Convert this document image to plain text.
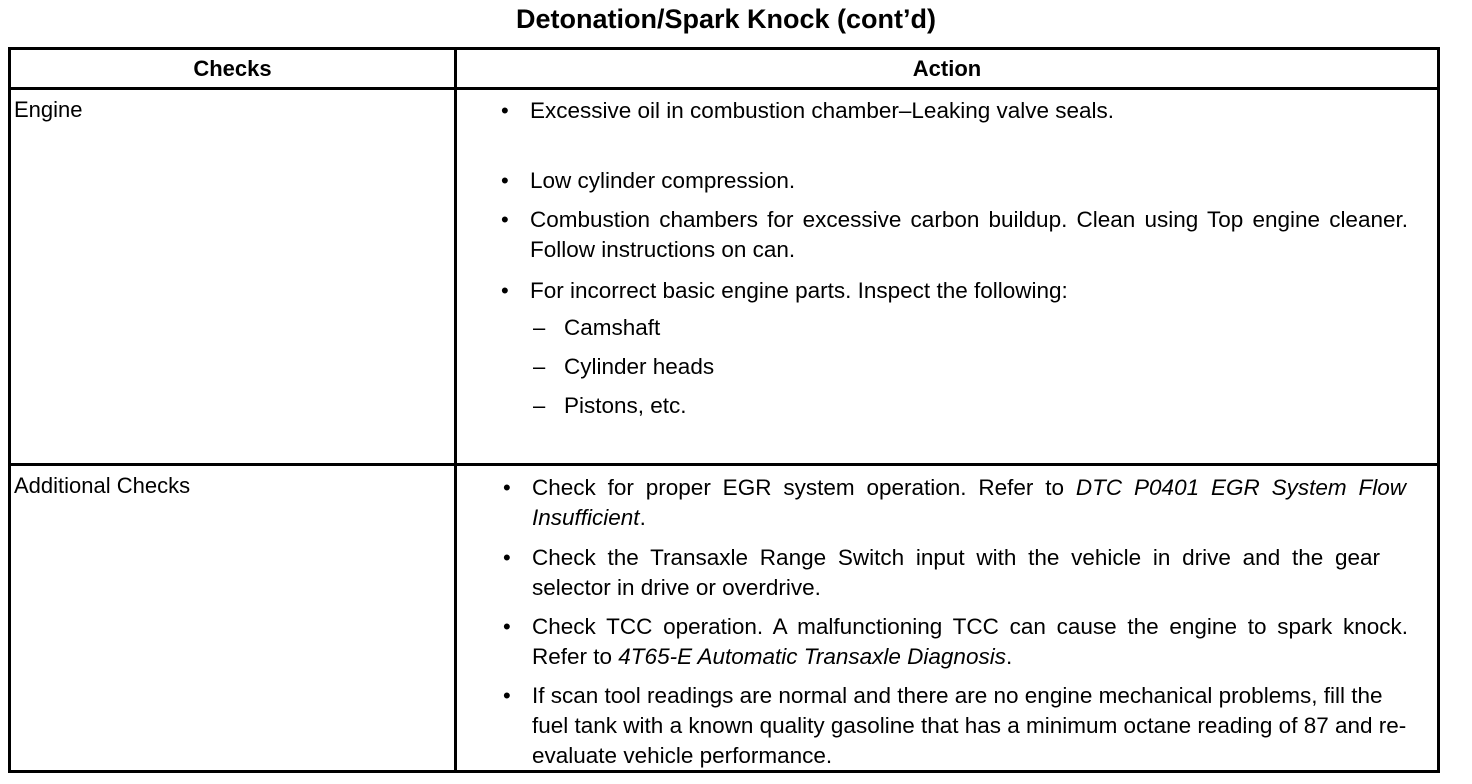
Detonation/Spark Knock (cont’d)
Checks	Action
Engine	• Excessive oil in combustion chamber–Leaking valve seals.
• Low cylinder compression.
• Combustion chambers for excessive carbon buildup. Clean using Top engine cleaner. Follow instructions on can.
• For incorrect basic engine parts. Inspect the following:
– Camshaft
– Cylinder heads
– Pistons, etc.
Additional Checks	• Check for proper EGR system operation. Refer to DTC P0401 EGR System Flow Insufficient.
• Check the Transaxle Range Switch input with the vehicle in drive and the gear selector in drive or overdrive.
• Check TCC operation. A malfunctioning TCC can cause the engine to spark knock. Refer to 4T65-E Automatic Transaxle Diagnosis.
• If scan tool readings are normal and there are no engine mechanical problems, fill the fuel tank with a known quality gasoline that has a minimum octane reading of 87 and re-evaluate vehicle performance.
